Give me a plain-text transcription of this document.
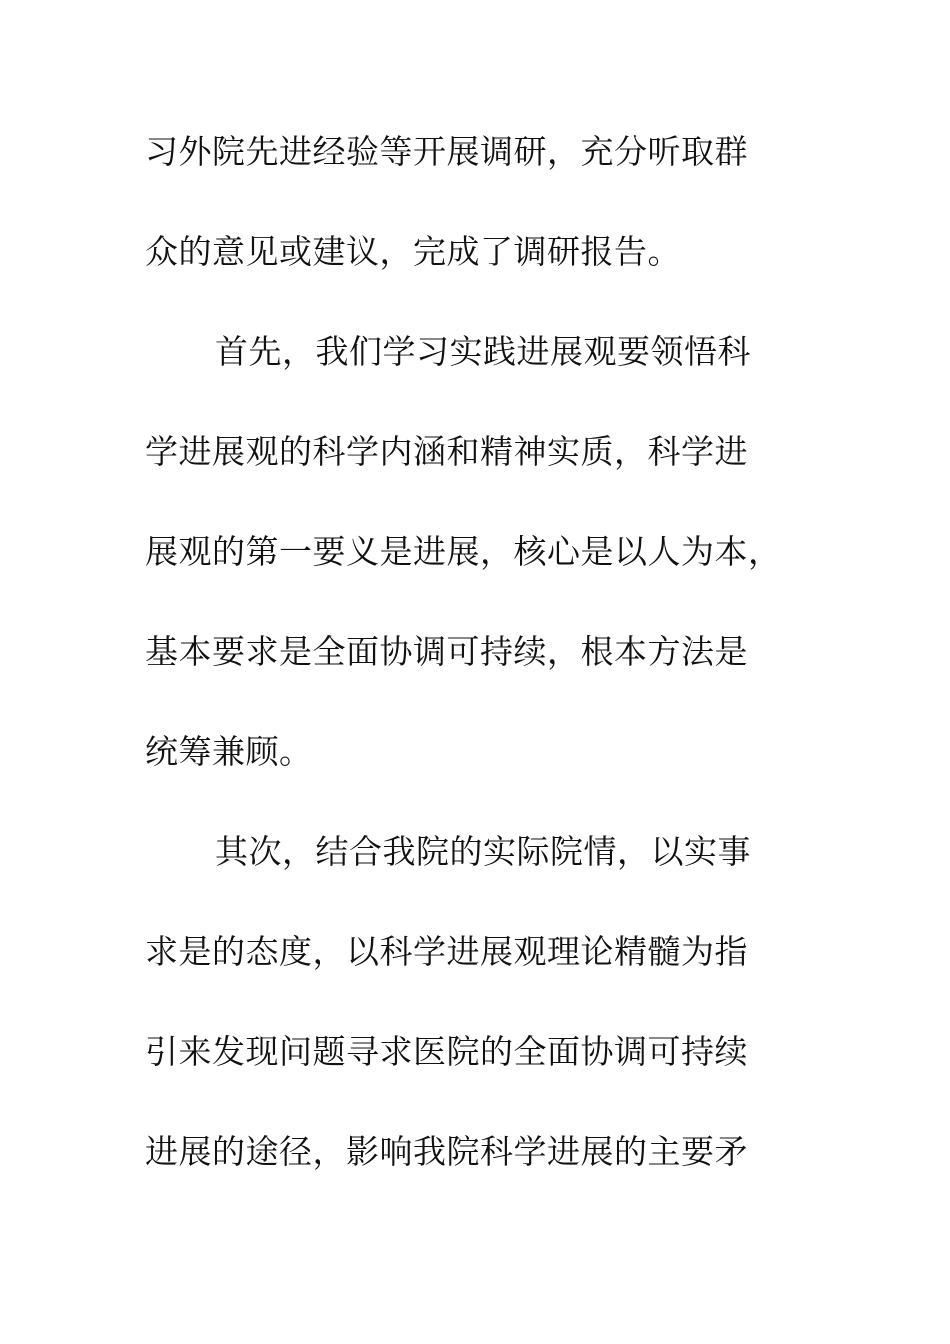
习外院先进经验等开展调研，充分听取群
众的意见或建议，完成了调研报告。
首先，我们学习实践进展观要领悟科
学进展观的科学内涵和精神实质，科学进
展观的第一要义是进展，核心是以人为本，
基本要求是全面协调可持续，根本方法是
统筹兼顾。
其次，结合我院的实际院情，以实事
求是的态度，以科学进展观理论精髓为指
引来发现问题寻求医院的全面协调可持续
进展的途径，影响我院科学进展的主要矛
